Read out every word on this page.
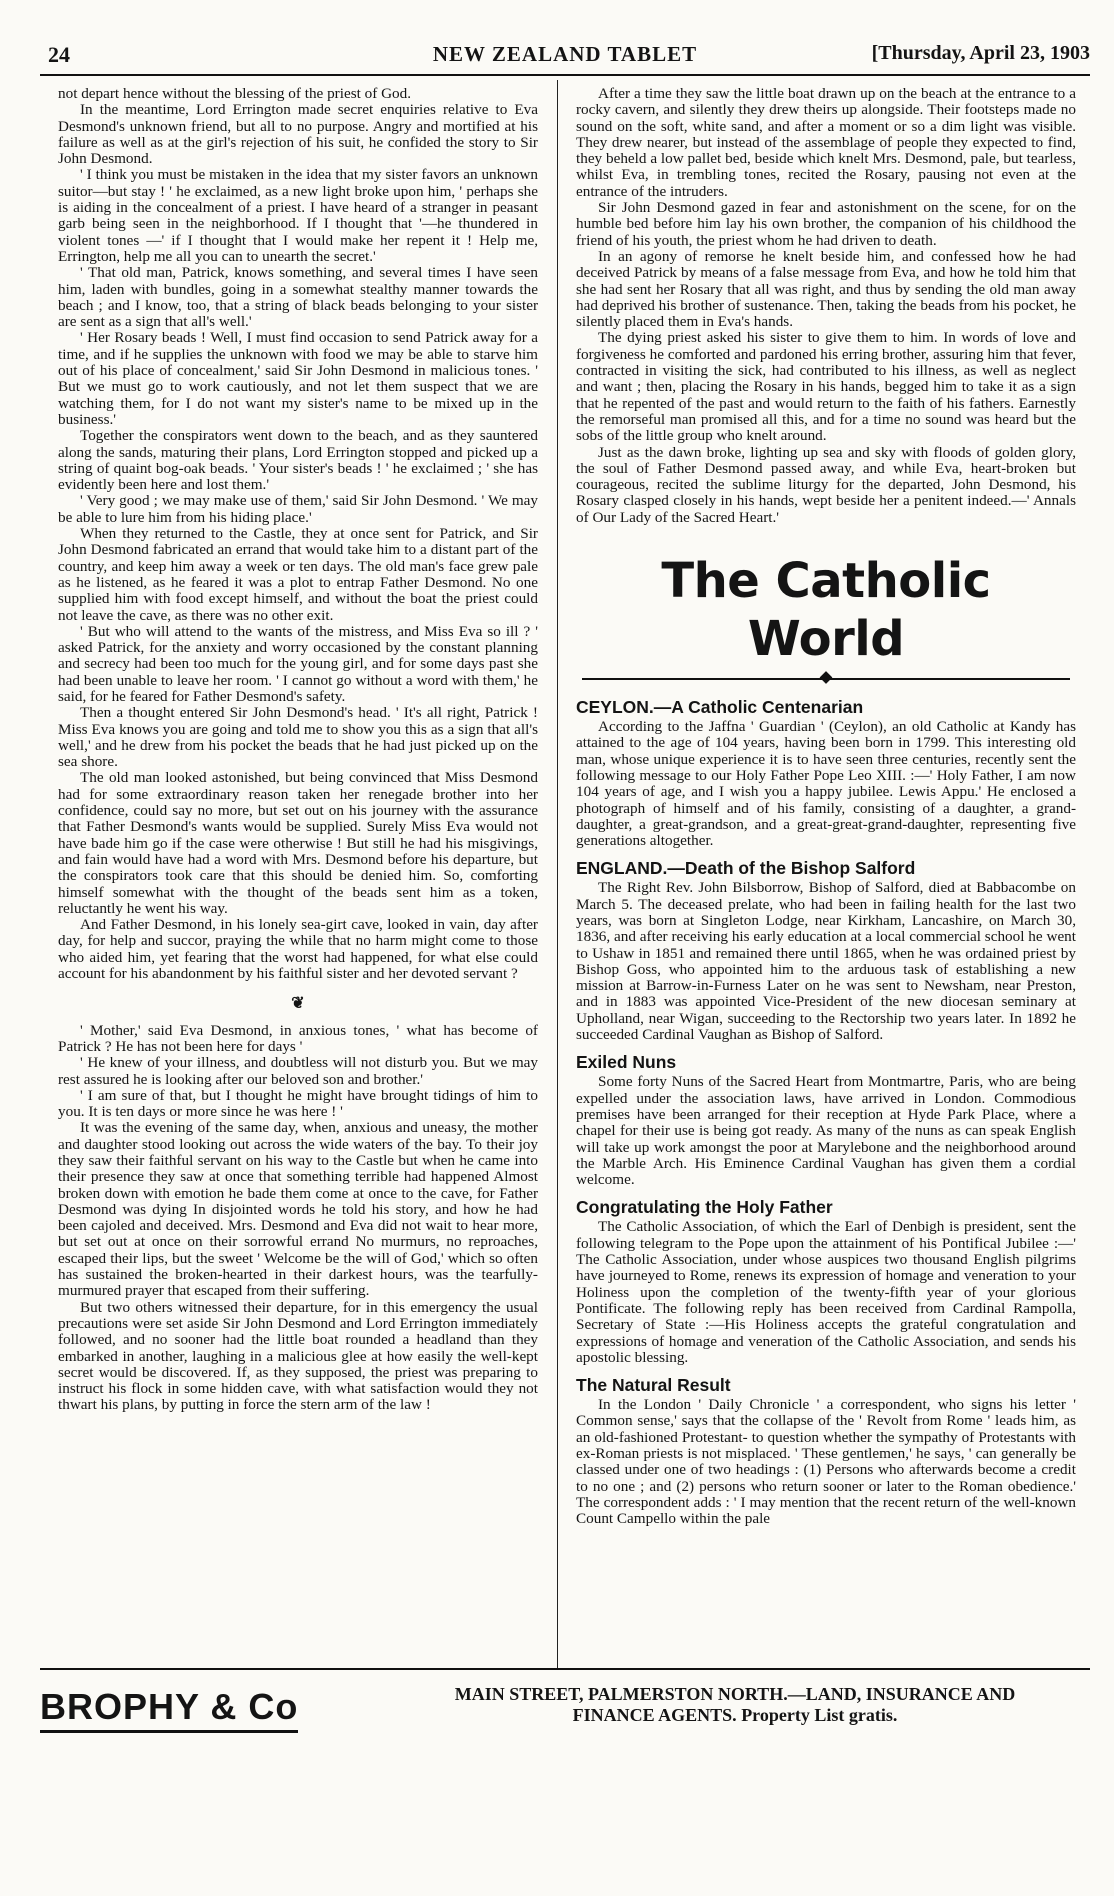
24	NEW ZEALAND TABLET	[Thursday, April 23, 1903

not depart hence without the blessing of the priest of God.

In the meantime, Lord Errington made secret enquiries relative to Eva Desmond's unknown friend, but all to no purpose. Angry and mortified at his failure as well as at the girl's rejection of his suit, he confided the story to Sir John Desmond.

' I think you must be mistaken in the idea that my sister favors an unknown suitor—but stay ! ' he exclaimed, as a new light broke upon him, ' perhaps she is aiding in the concealment of a priest. I have heard of a stranger in peasant garb being seen in the neighborhood. If I thought that '—he thundered in violent tones —' if I thought that I would make her repent it ! Help me, Errington, help me all you can to unearth the secret.'

' That old man, Patrick, knows something, and several times I have seen him, laden with bundles, going in a somewhat stealthy manner towards the beach ; and I know, too, that a string of black beads belonging to your sister are sent as a sign that all's well.'

' Her Rosary beads ! Well, I must find occasion to send Patrick away for a time, and if he supplies the unknown with food we may be able to starve him out of his place of concealment,' said Sir John Desmond in malicious tones. ' But we must go to work cautiously, and not let them suspect that we are watching them, for I do not want my sister's name to be mixed up in the business.'

Together the conspirators went down to the beach, and as they sauntered along the sands, maturing their plans, Lord Errington stopped and picked up a string of quaint bog-oak beads. ' Your sister's beads ! ' he exclaimed ; ' she has evidently been here and lost them.'

' Very good ; we may make use of them,' said Sir John Desmond. ' We may be able to lure him from his hiding place.'

When they returned to the Castle, they at once sent for Patrick, and Sir John Desmond fabricated an errand that would take him to a distant part of the country, and keep him away a week or ten days. The old man's face grew pale as he listened, as he feared it was a plot to entrap Father Desmond. No one supplied him with food except himself, and without the boat the priest could not leave the cave, as there was no other exit.

' But who will attend to the wants of the mistress, and Miss Eva so ill ? ' asked Patrick, for the anxiety and worry occasioned by the constant planning and secrecy had been too much for the young girl, and for some days past she had been unable to leave her room. ' I cannot go without a word with them,' he said, for he feared for Father Desmond's safety.

Then a thought entered Sir John Desmond's head. ' It's all right, Patrick ! Miss Eva knows you are going and told me to show you this as a sign that all's well,' and he drew from his pocket the beads that he had just picked up on the sea shore.

The old man looked astonished, but being convinced that Miss Desmond had for some extraordinary reason taken her renegade brother into her confidence, could say no more, but set out on his journey with the assurance that Father Desmond's wants would be supplied. Surely Miss Eva would not have bade him go if the case were otherwise ! But still he had his misgivings, and fain would have had a word with Mrs. Desmond before his departure, but the conspirators took care that this should be denied him. So, comforting himself somewhat with the thought of the beads sent him as a token, reluctantly he went his way.

And Father Desmond, in his lonely sea-girt cave, looked in vain, day after day, for help and succor, praying the while that no harm might come to those who aided him, yet fearing that the worst had happened, for what else could account for his abandonment by his faithful sister and her devoted servant ?

❦

' Mother,' said Eva Desmond, in anxious tones, ' what has become of Patrick ? He has not been here for days '

' He knew of your illness, and doubtless will not disturb you. But we may rest assured he is looking after our beloved son and brother.'

' I am sure of that, but I thought he might have brought tidings of him to you. It is ten days or more since he was here ! '

It was the evening of the same day, when, anxious and uneasy, the mother and daughter stood looking out across the wide waters of the bay. To their joy they saw their faithful servant on his way to the Castle but when he came into their presence they saw at once that something terrible had happened Almost broken down with emotion he bade them come at once to the cave, for Father Desmond was dying In disjointed words he told his story, and how he had been cajoled and deceived. Mrs. Desmond and Eva did not wait to hear more, but set out at once on their sorrowful errand No murmurs, no reproaches, escaped their lips, but the sweet ' Welcome be the will of God,' which so often has sustained the broken-hearted in their darkest hours, was the tearfully-murmured prayer that escaped from their suffering.

But two others witnessed their departure, for in this emergency the usual precautions were set aside Sir John Desmond and Lord Errington immediately followed, and no sooner had the little boat rounded a headland than they embarked in another, laughing in a malicious glee at how easily the well-kept secret would be discovered. If, as they supposed, the priest was preparing to instruct his flock in some hidden cave, with what satisfaction would they not thwart his plans, by putting in force the stern arm of the law !

After a time they saw the little boat drawn up on the beach at the entrance to a rocky cavern, and silently they drew theirs up alongside. Their footsteps made no sound on the soft, white sand, and after a moment or so a dim light was visible. They drew nearer, but instead of the assemblage of people they expected to find, they beheld a low pallet bed, beside which knelt Mrs. Desmond, pale, but tearless, whilst Eva, in trembling tones, recited the Rosary, pausing not even at the entrance of the intruders.

Sir John Desmond gazed in fear and astonishment on the scene, for on the humble bed before him lay his own brother, the companion of his childhood the friend of his youth, the priest whom he had driven to death.

In an agony of remorse he knelt beside him, and confessed how he had deceived Patrick by means of a false message from Eva, and how he told him that she had sent her Rosary that all was right, and thus by sending the old man away had deprived his brother of sustenance. Then, taking the beads from his pocket, he silently placed them in Eva's hands.

The dying priest asked his sister to give them to him. In words of love and forgiveness he comforted and pardoned his erring brother, assuring him that fever, contracted in visiting the sick, had contributed to his illness, as well as neglect and want ; then, placing the Rosary in his hands, begged him to take it as a sign that he repented of the past and would return to the faith of his fathers. Earnestly the remorseful man promised all this, and for a time no sound was heard but the sobs of the little group who knelt around.

Just as the dawn broke, lighting up sea and sky with floods of golden glory, the soul of Father Desmond passed away, and while Eva, heart-broken but courageous, recited the sublime liturgy for the departed, John Desmond, his Rosary clasped closely in his hands, wept beside her a penitent indeed.—' Annals of Our Lady of the Sacred Heart.'

The Catholic World
CEYLON.—A Catholic Centenarian

According to the Jaffna ' Guardian ' (Ceylon), an old Catholic at Kandy has attained to the age of 104 years, having been born in 1799. This interesting old man, whose unique experience it is to have seen three centuries, recently sent the following message to our Holy Father Pope Leo XIII. :—' Holy Father, I am now 104 years of age, and I wish you a happy jubilee. Lewis Appu.' He enclosed a photograph of himself and of his family, consisting of a daughter, a grand-daughter, a great-grandson, and a great-great-grand-daughter, representing five generations altogether.

ENGLAND.—Death of the Bishop Salford

The Right Rev. John Bilsborrow, Bishop of Salford, died at Babbacombe on March 5. The deceased prelate, who had been in failing health for the last two years, was born at Singleton Lodge, near Kirkham, Lancashire, on March 30, 1836, and after receiving his early education at a local commercial school he went to Ushaw in 1851 and remained there until 1865, when he was ordained priest by Bishop Goss, who appointed him to the arduous task of establishing a new mission at Barrow-in-Furness Later on he was sent to Newsham, near Preston, and in 1883 was appointed Vice-President of the new diocesan seminary at Upholland, near Wigan, succeeding to the Rectorship two years later. In 1892 he succeeded Cardinal Vaughan as Bishop of Salford.

Exiled Nuns

Some forty Nuns of the Sacred Heart from Montmartre, Paris, who are being expelled under the association laws, have arrived in London. Commodious premises have been arranged for their reception at Hyde Park Place, where a chapel for their use is being got ready. As many of the nuns as can speak English will take up work amongst the poor at Marylebone and the neighborhood around the Marble Arch. His Eminence Cardinal Vaughan has given them a cordial welcome.

Congratulating the Holy Father

The Catholic Association, of which the Earl of Denbigh is president, sent the following telegram to the Pope upon the attainment of his Pontifical Jubilee :—' The Catholic Association, under whose auspices two thousand English pilgrims have journeyed to Rome, renews its expression of homage and veneration to your Holiness upon the completion of the twenty-fifth year of your glorious Pontificate. The following reply has been received from Cardinal Rampolla, Secretary of State :—His Holiness accepts the grateful congratulation and expressions of homage and veneration of the Catholic Association, and sends his apostolic blessing.

The Natural Result

In the London ' Daily Chronicle ' a correspondent, who signs his letter ' Common sense,' says that the collapse of the ' Revolt from Rome ' leads him, as an old-fashioned Protestant- to question whether the sympathy of Protestants with ex-Roman priests is not misplaced. ' These gentlemen,' he says, ' can generally be classed under one of two headings : (1) Persons who afterwards become a credit to no one ; and (2) persons who return sooner or later to the Roman obedience.' The correspondent adds : ' I may mention that the recent return of the well-known Count Campello within the pale

BROPHY & Co	MAIN STREET, PALMERSTON NORTH.—LAND, INSURANCE AND
FINANCE AGENTS. Property List gratis.
